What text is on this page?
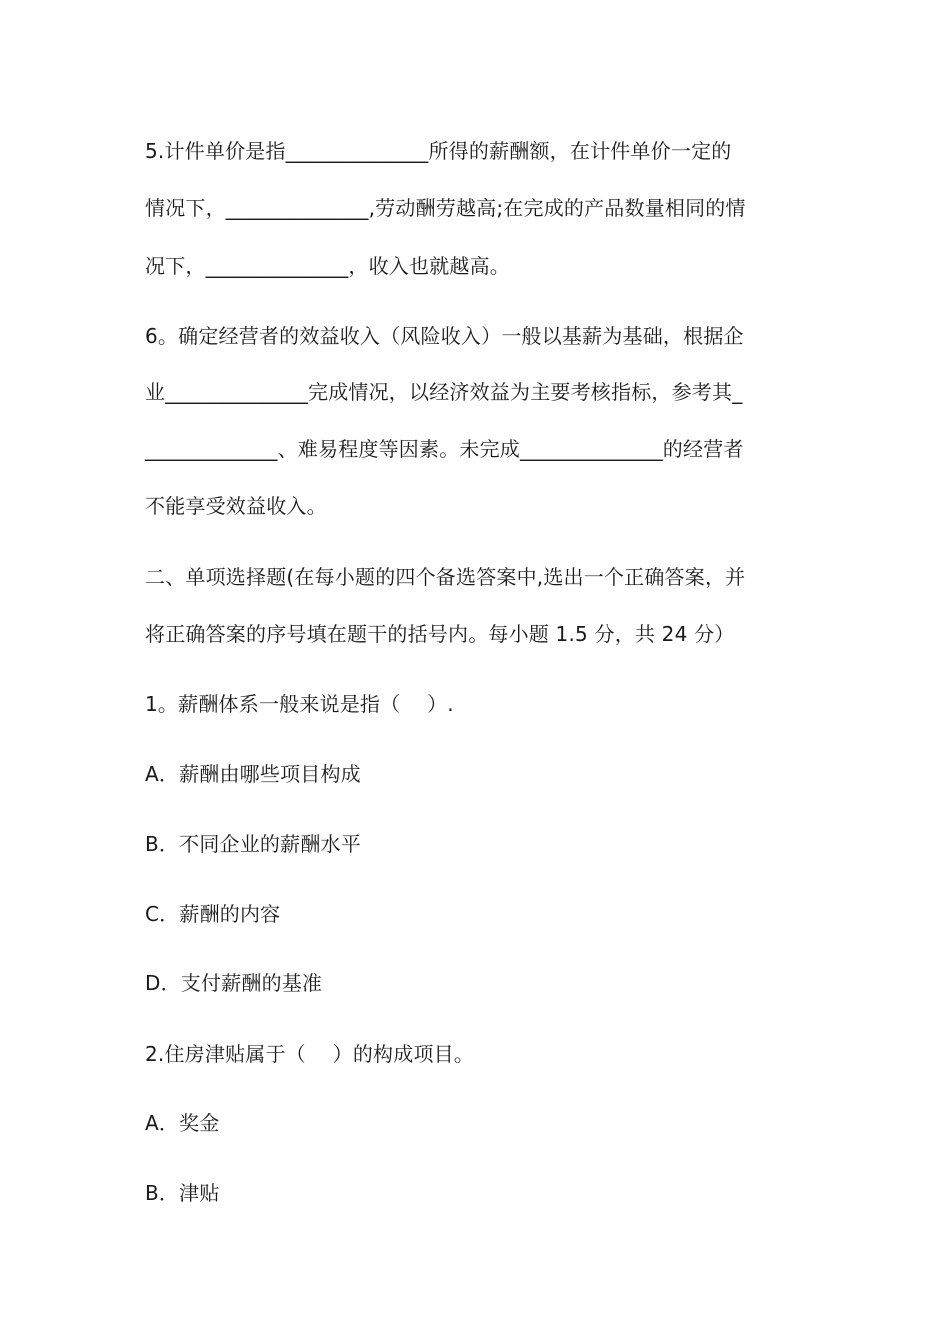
5.计件单价是指______________所得的薪酬额，在计件单价一定的
情况下，______________,劳动酬劳越高;在完成的产品数量相同的情
况下，______________，收入也就越高。
6。确定经营者的效益收入（风险收入）一般以基薪为基础，根据企
业______________完成情况，以经济效益为主要考核指标，参考其_
_____________、难易程度等因素。未完成______________的经营者
不能享受效益收入。
二、单项选择题(在每小题的四个备选答案中,选出一个正确答案，并
将正确答案的序号填在题干的括号内。每小题 1.5 分，共 24 分）
1。薪酬体系一般来说是指（　 ）.
A．薪酬由哪些项目构成
B．不同企业的薪酬水平
C．薪酬的内容
D．支付薪酬的基准
2.住房津贴属于（　 ）的构成项目。
A．奖金
B．津贴
